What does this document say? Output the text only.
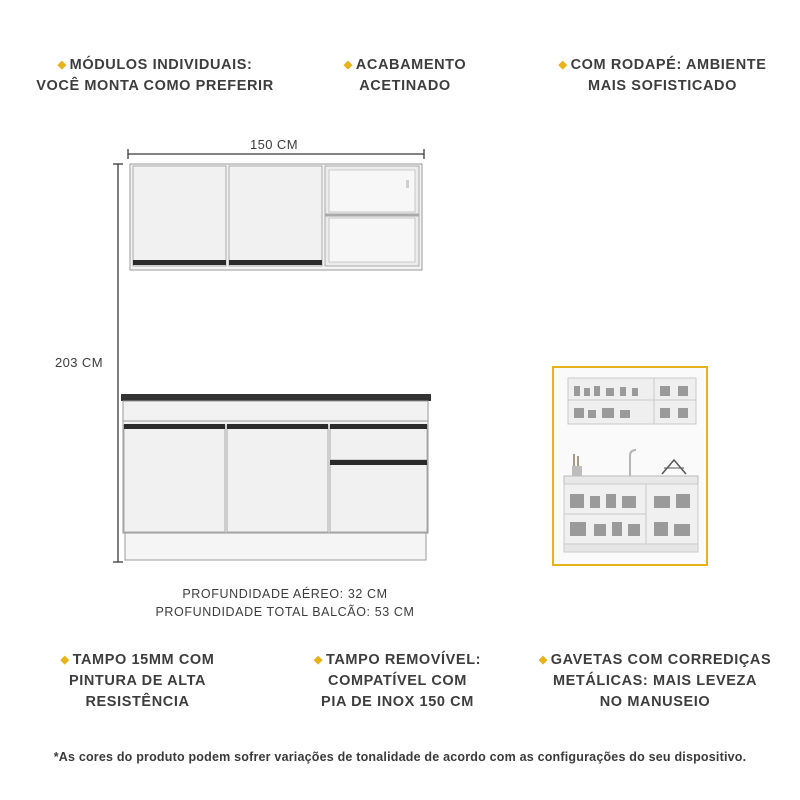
◆ MÓDULOS INDIVIDUAIS:
VOCÊ MONTA COMO PREFERIR
◆ ACABAMENTO
ACETINADO
◆ COM RODAPÉ: AMBIENTE
MAIS SOFISTICADO
150 CM
203 CM
PROFUNDIDADE AÉREO: 32 CM
PROFUNDIDADE TOTAL BALCÃO: 53 CM
◆ TAMPO 15MM COM
PINTURA DE ALTA
RESISTÊNCIA
◆ TAMPO REMOVÍVEL:
COMPATÍVEL COM
PIA DE INOX 150 CM
◆ GAVETAS COM CORREDIÇAS
METÁLICAS: MAIS LEVEZA
NO MANUSEIO
*As cores do produto podem sofrer variações de tonalidade de acordo com as configurações do seu dispositivo.
